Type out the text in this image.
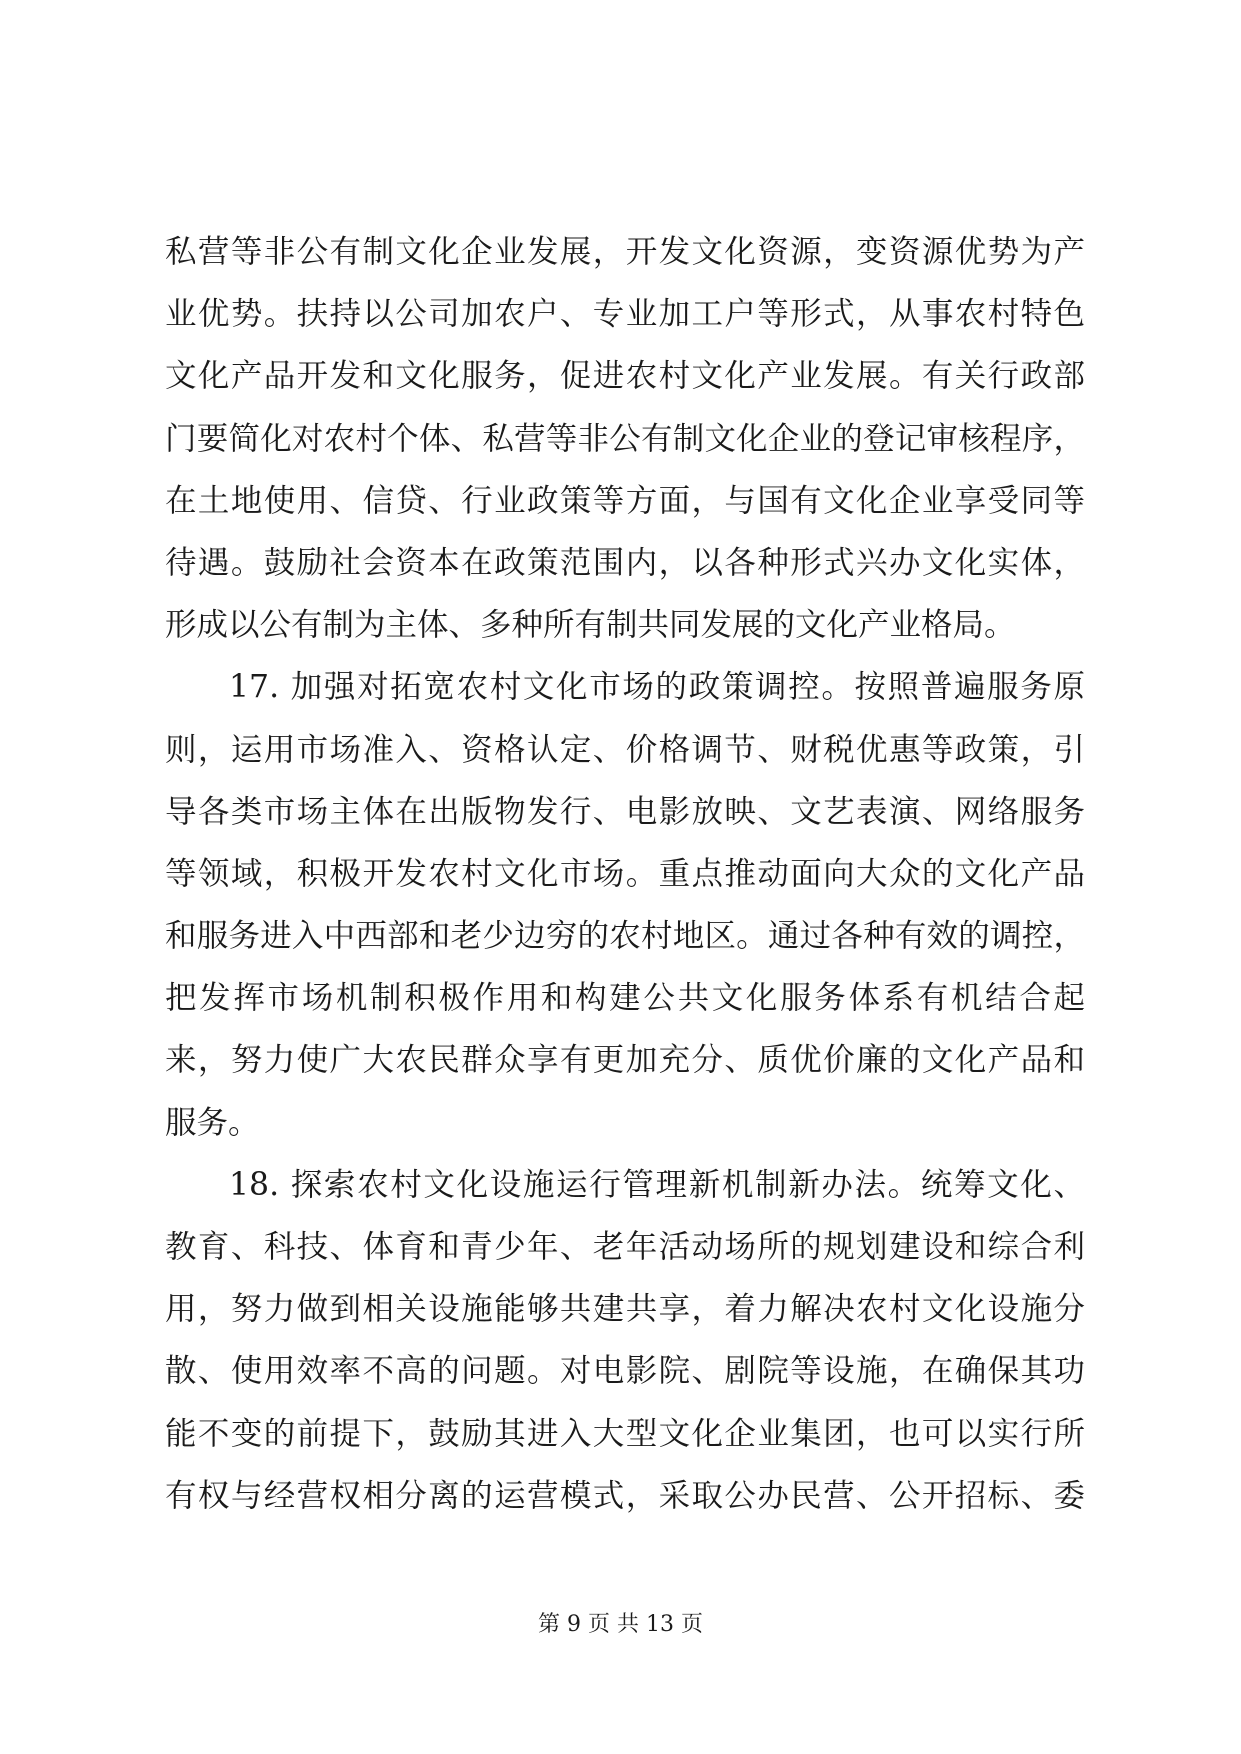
私营等非公有制文化企业发展，开发文化资源，变资源优势为产
业优势。扶持以公司加农户、专业加工户等形式，从事农村特色
文化产品开发和文化服务，促进农村文化产业发展。有关行政部
门要简化对农村个体、私营等非公有制文化企业的登记审核程序，
在土地使用、信贷、行业政策等方面，与国有文化企业享受同等
待遇。鼓励社会资本在政策范围内，以各种形式兴办文化实体，
形成以公有制为主体、多种所有制共同发展的文化产业格局。
17. 加强对拓宽农村文化市场的政策调控。按照普遍服务原
则，运用市场准入、资格认定、价格调节、财税优惠等政策，引
导各类市场主体在出版物发行、电影放映、文艺表演、网络服务
等领域，积极开发农村文化市场。重点推动面向大众的文化产品
和服务进入中西部和老少边穷的农村地区。通过各种有效的调控，
把发挥市场机制积极作用和构建公共文化服务体系有机结合起
来，努力使广大农民群众享有更加充分、质优价廉的文化产品和
服务。
18. 探索农村文化设施运行管理新机制新办法。统筹文化、
教育、科技、体育和青少年、老年活动场所的规划建设和综合利
用，努力做到相关设施能够共建共享，着力解决农村文化设施分
散、使用效率不高的问题。对电影院、剧院等设施，在确保其功
能不变的前提下，鼓励其进入大型文化企业集团，也可以实行所
有权与经营权相分离的运营模式，采取公办民营、公开招标、委
第 9 页 共 13 页
